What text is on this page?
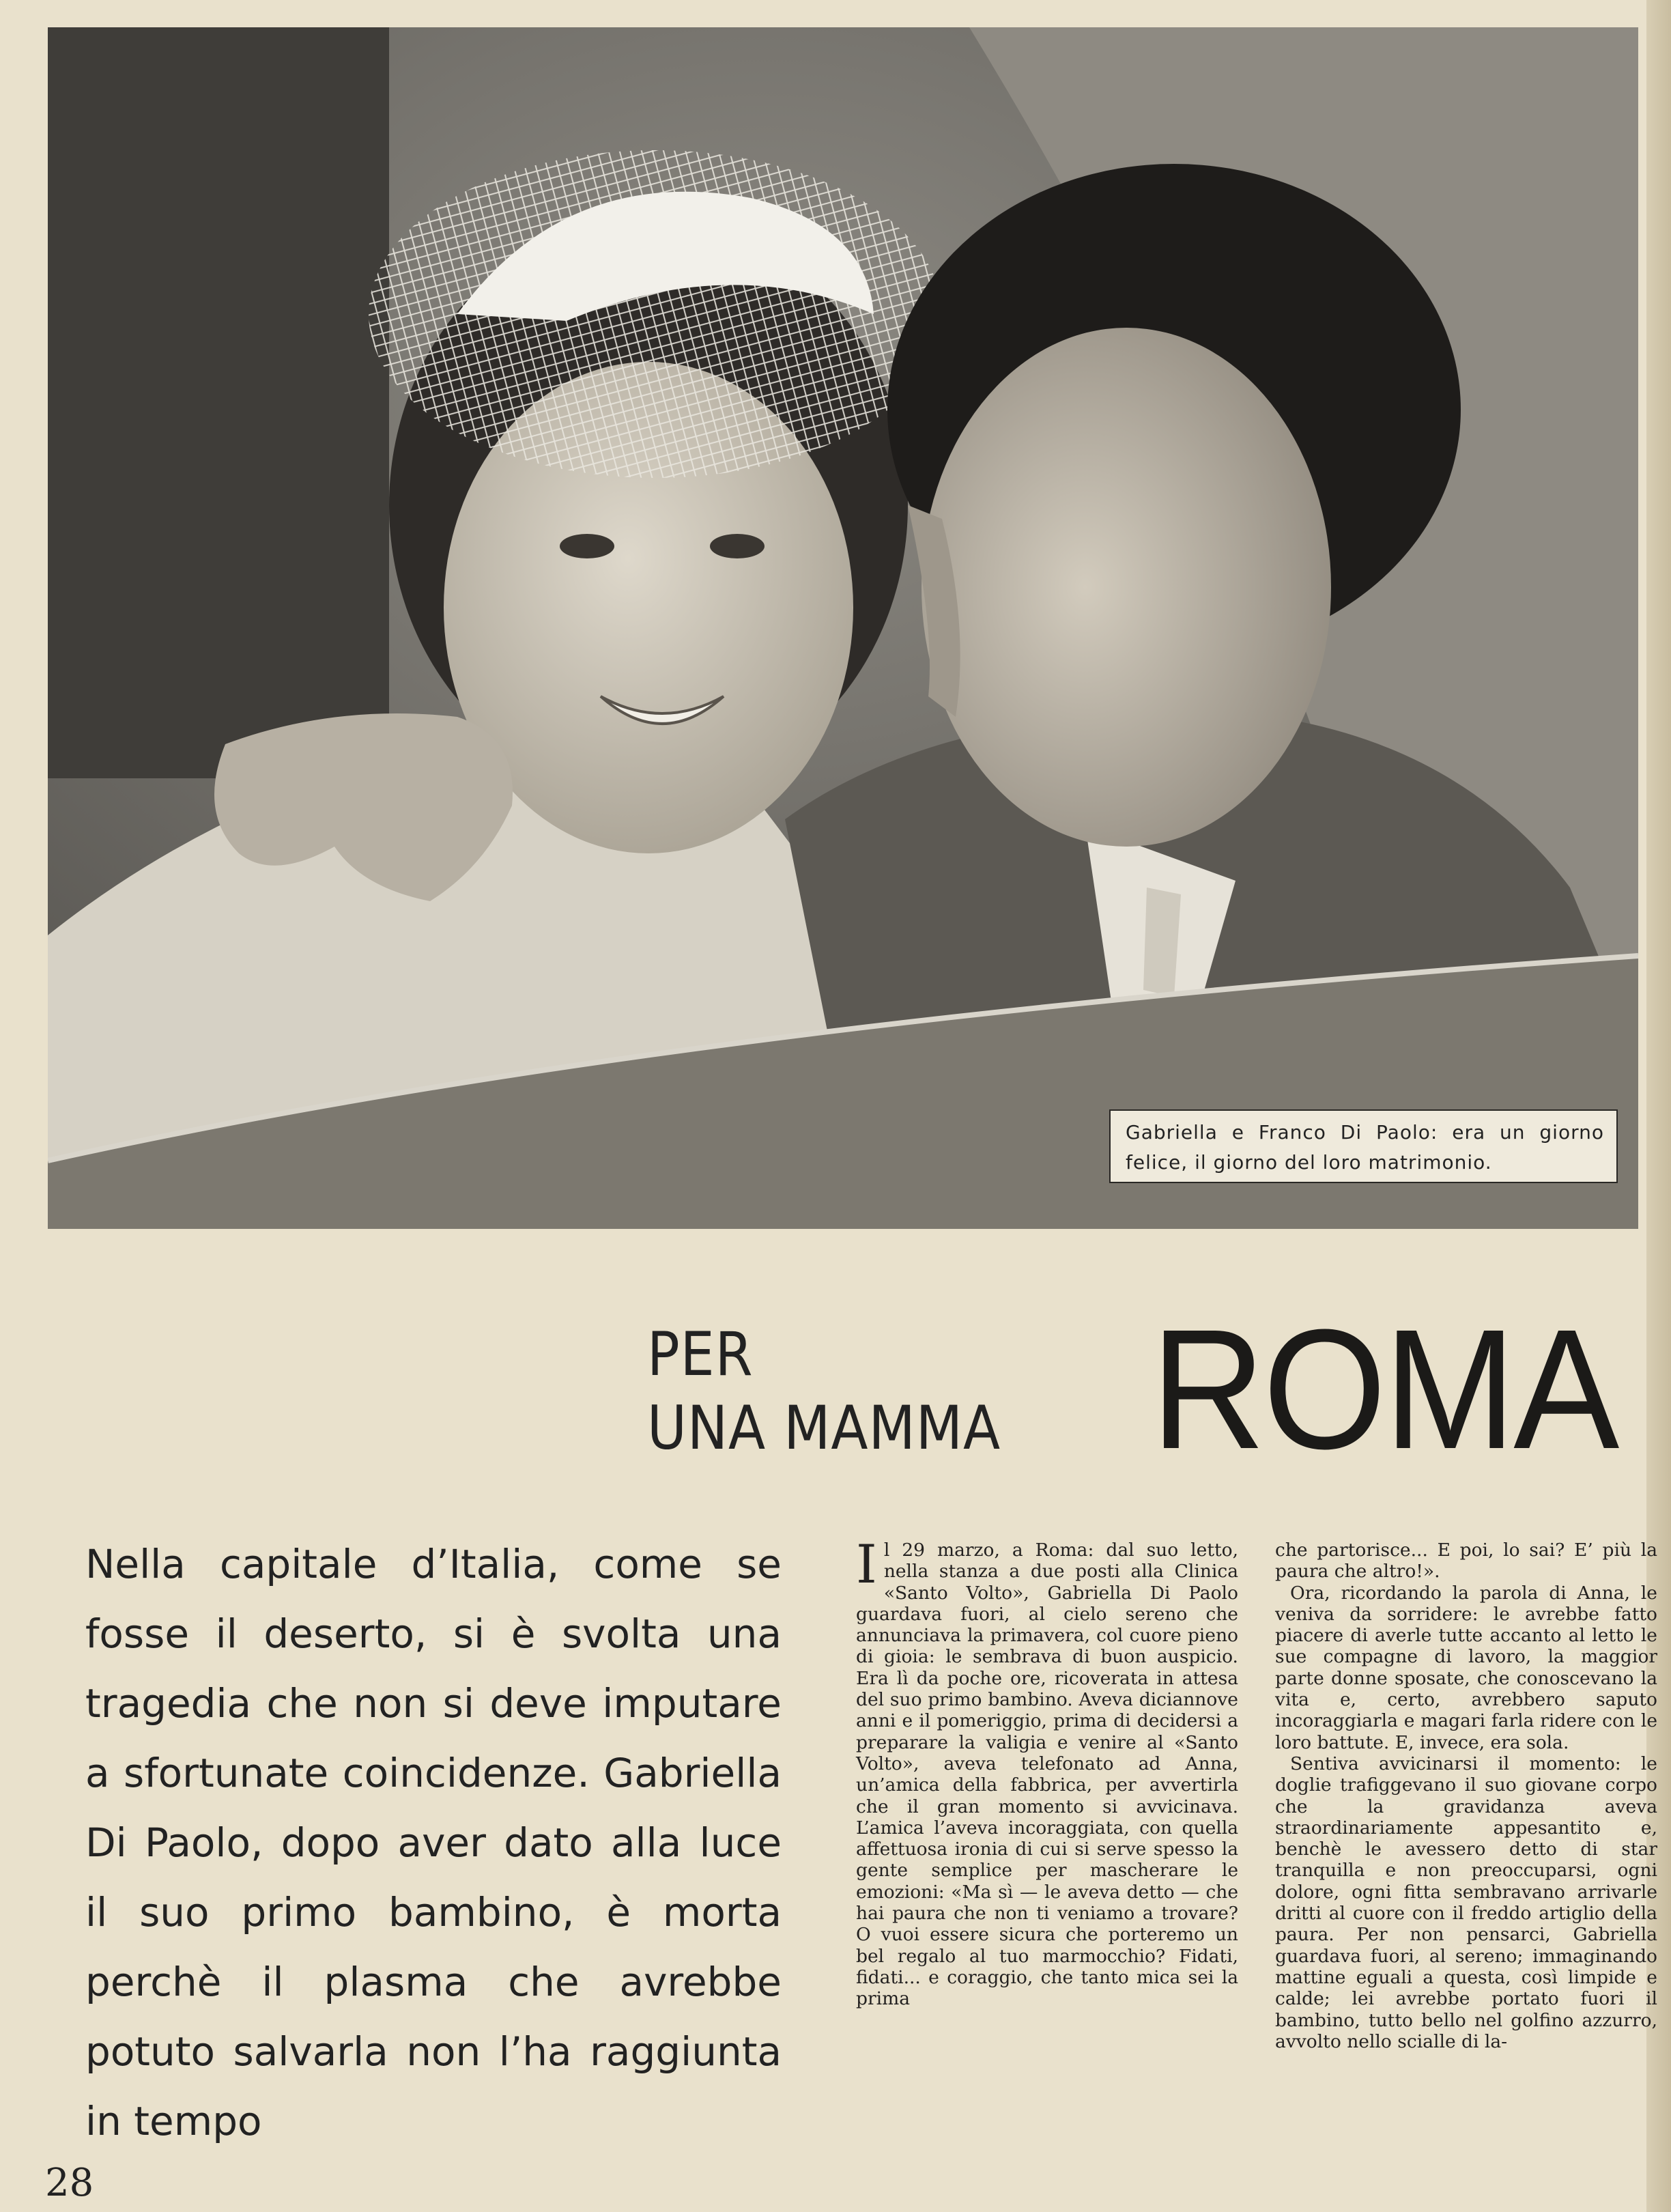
Gabriella e Franco Di Paolo: era un giorno felice, il giorno del loro matrimonio.
PER
UNA MAMMA ROMA
Nella capitale d’Italia, come se fosse il deserto, si è svolta una tragedia che non si deve imputare a sfortunate coincidenze. Gabriella Di Paolo, dopo aver dato alla luce il suo primo bambino, è morta perchè il plasma che avrebbe potuto salvarla non l’ha raggiunta in tempo

Il 29 marzo, a Roma: dal suo letto, nella stanza a due posti alla Clinica «Santo Volto», Gabriella Di Paolo guardava fuori, al cielo sereno che annunciava la primavera, col cuore pieno di gioia: le sembrava di buon auspicio. Era lì da poche ore, ricoverata in attesa del suo primo bambino. Aveva diciannove anni e il pomeriggio, prima di decidersi a preparare la valigia e venire al «Santo Volto», aveva telefonato ad Anna, un’amica della fabbrica, per avvertirla che il gran momento si avvicinava. L’amica l’aveva incoraggiata, con quella affettuosa ironia di cui si serve spesso la gente semplice per mascherare le emozioni: «Ma sì — le aveva detto — che hai paura che non ti veniamo a trovare? O vuoi essere sicura che porteremo un bel regalo al tuo marmocchio? Fidati, fidati... e coraggio, che tanto mica sei la prima

che partorisce... E poi, lo sai? E’ più la paura che altro!».

Ora, ricordando la parola di Anna, le veniva da sorridere: le avrebbe fatto piacere di averle tutte accanto al letto le sue compagne di lavoro, la maggior parte donne sposate, che conoscevano la vita e, certo, avrebbero saputo incoraggiarla e magari farla ridere con le loro battute. E, invece, era sola.

Sentiva avvicinarsi il momento: le doglie trafiggevano il suo giovane corpo che la gravidanza aveva straordinariamente appesantito e, benchè le avessero detto di star tranquilla e non preoccuparsi, ogni dolore, ogni fitta sembravano arrivarle dritti al cuore con il freddo artiglio della paura. Per non pensarci, Gabriella guardava fuori, al sereno; immaginando mattine eguali a questa, così limpide e calde; lei avrebbe portato fuori il bambino, tutto bello nel golfino azzurro, avvolto nello scialle di la-

28
